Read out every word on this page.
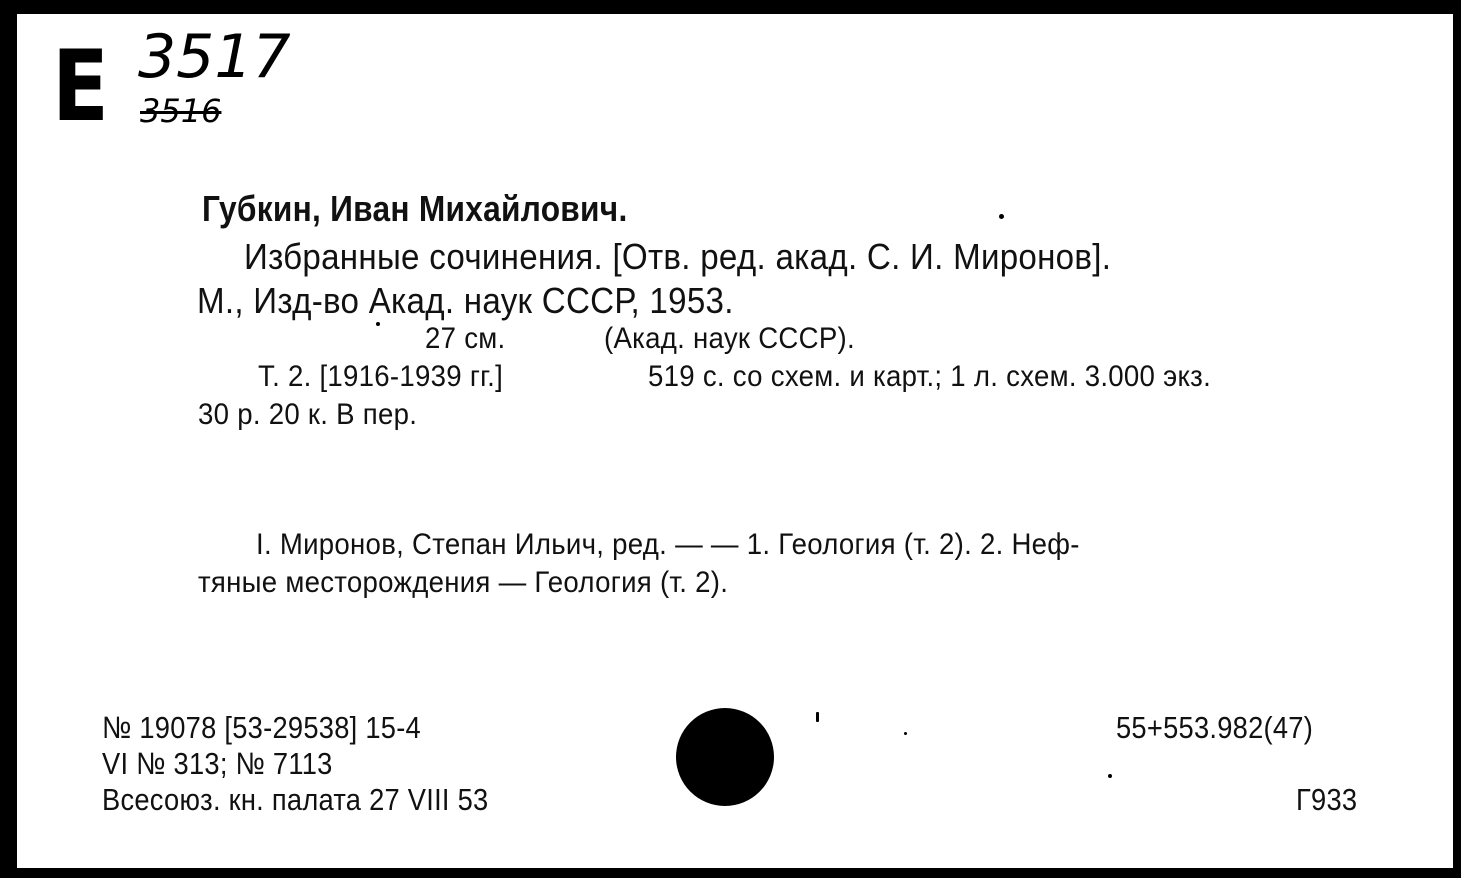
Е 3517
3516
Губкин, Иван Михайлович.
Избранные сочинения. [Отв. ред. акад. С. И. Миронов].
М., Изд-во Акад. наук СССР, 1953.
27 см.	(Акад. наук СССР).
Т. 2. [1916-1939 гг.]	519 с. со схем. и карт.; 1 л. схем. 3.000 экз.
30 р. 20 к. В пер.
I. Миронов, Степан Ильич, ред. — — 1. Геология (т. 2). 2. Неф-
тяные месторождения — Геология (т. 2).
№ 19078 [53-29538] 15-4
VI № 313; № 7113
Всесоюз. кн. палата 27 VIII 53
55+553.982(47)
Г933
